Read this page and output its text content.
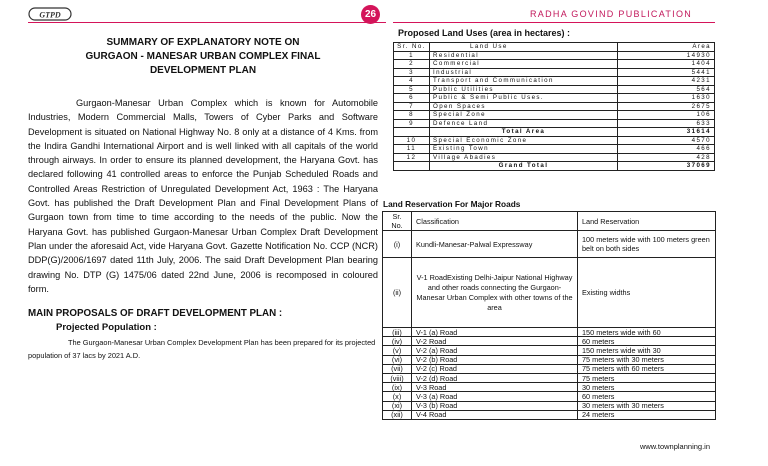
GTPD	26	RADHA GOVIND PUBLICATION
SUMMARY OF EXPLANATORY NOTE ON
GURGAON - MANESAR URBAN COMPLEX FINAL
DEVELOPMENT PLAN

Gurgaon-Manesar Urban Complex which is known for Automobile Industries, Modern Commercial Malls, Towers of Cyber Parks and Software Development is situated on National Highway No. 8 only at a distance of 4 Kms. from the Indira Gandhi International Airport and is well linked with all capitals of the world through airways. In order to ensure its planned development, the Haryana Govt. has declared following 41 controlled areas to enforce the Punjab Scheduled Roads and Controlled Areas Restriction of Unregulated Development Act, 1963 : The Haryana Govt. has published the Draft Development Plan and Final Development Plans of Gurgaon town from time to time according to the needs of the public. Now the Haryana Govt. has published Gurgaon-Manesar Urban Complex Draft Development Plan under the aforesaid Act, vide Haryana Govt. Gazette Notification No. CCP (NCR) DDP(G)/2006/1697 dated 11th July, 2006. The said Draft Development Plan bearing drawing No. DTP (G) 1475/06 dated 22nd June, 2006 is recomposed in coloured form.

MAIN PROPOSALS OF DRAFT DEVELOPMENT PLAN :
Projected Population :

The Gurgaon-Manesar Urban Complex Development Plan has been prepared for its projected population of 37 lacs by 2021 A.D.

Proposed Land Uses (area in hectares) :
Sr. No.	Land Use	Area
1	Residential	14930
2	Commercial	1404
3	Industrial	5441
4	Transport and Communication	4231
5	Public Utilities	564
6	Public & Semi Public Uses.	1630
7	Open Spaces	2675
8	Special Zone	106
9	Defence Land	633
	Total Area	31614
10	Special Economic Zone	4570
11	Existing Town	466
12	Village Abadies	428
	Grand Total	37069
Land Reservation For Major Roads
Sr. No.	Classification	Land Reservation
(i)	Kundli-Manesar-Palwal Expressway	100 meters wide with 100 meters green belt on both sides
(ii)	V-1 RoadExisting Delhi-Jaipur National Highway and other roads connecting the Gurgaon-Manesar Urban Complex with other towns of the area	Existing widths
(iii)	V-1 (a) Road	150 meters wide with 60
(iv)	V-2 Road	60 meters
(v)	V-2 (a) Road	150 meters wide with 30
(vi)	V-2 (b) Road	75 meters with 30 meters
(vii)	V-2 (c) Road	75 meters with 60 meters
(viii)	V-2 (d) Road	75 meters
(ix)	V-3 Road	30 meters
(x)	V-3 (a) Road	60 meters
(xi)	V-3 (b) Road	30 meters with 30 meters
(xii)	V-4 Road	24 meters
www.townplanning.in
